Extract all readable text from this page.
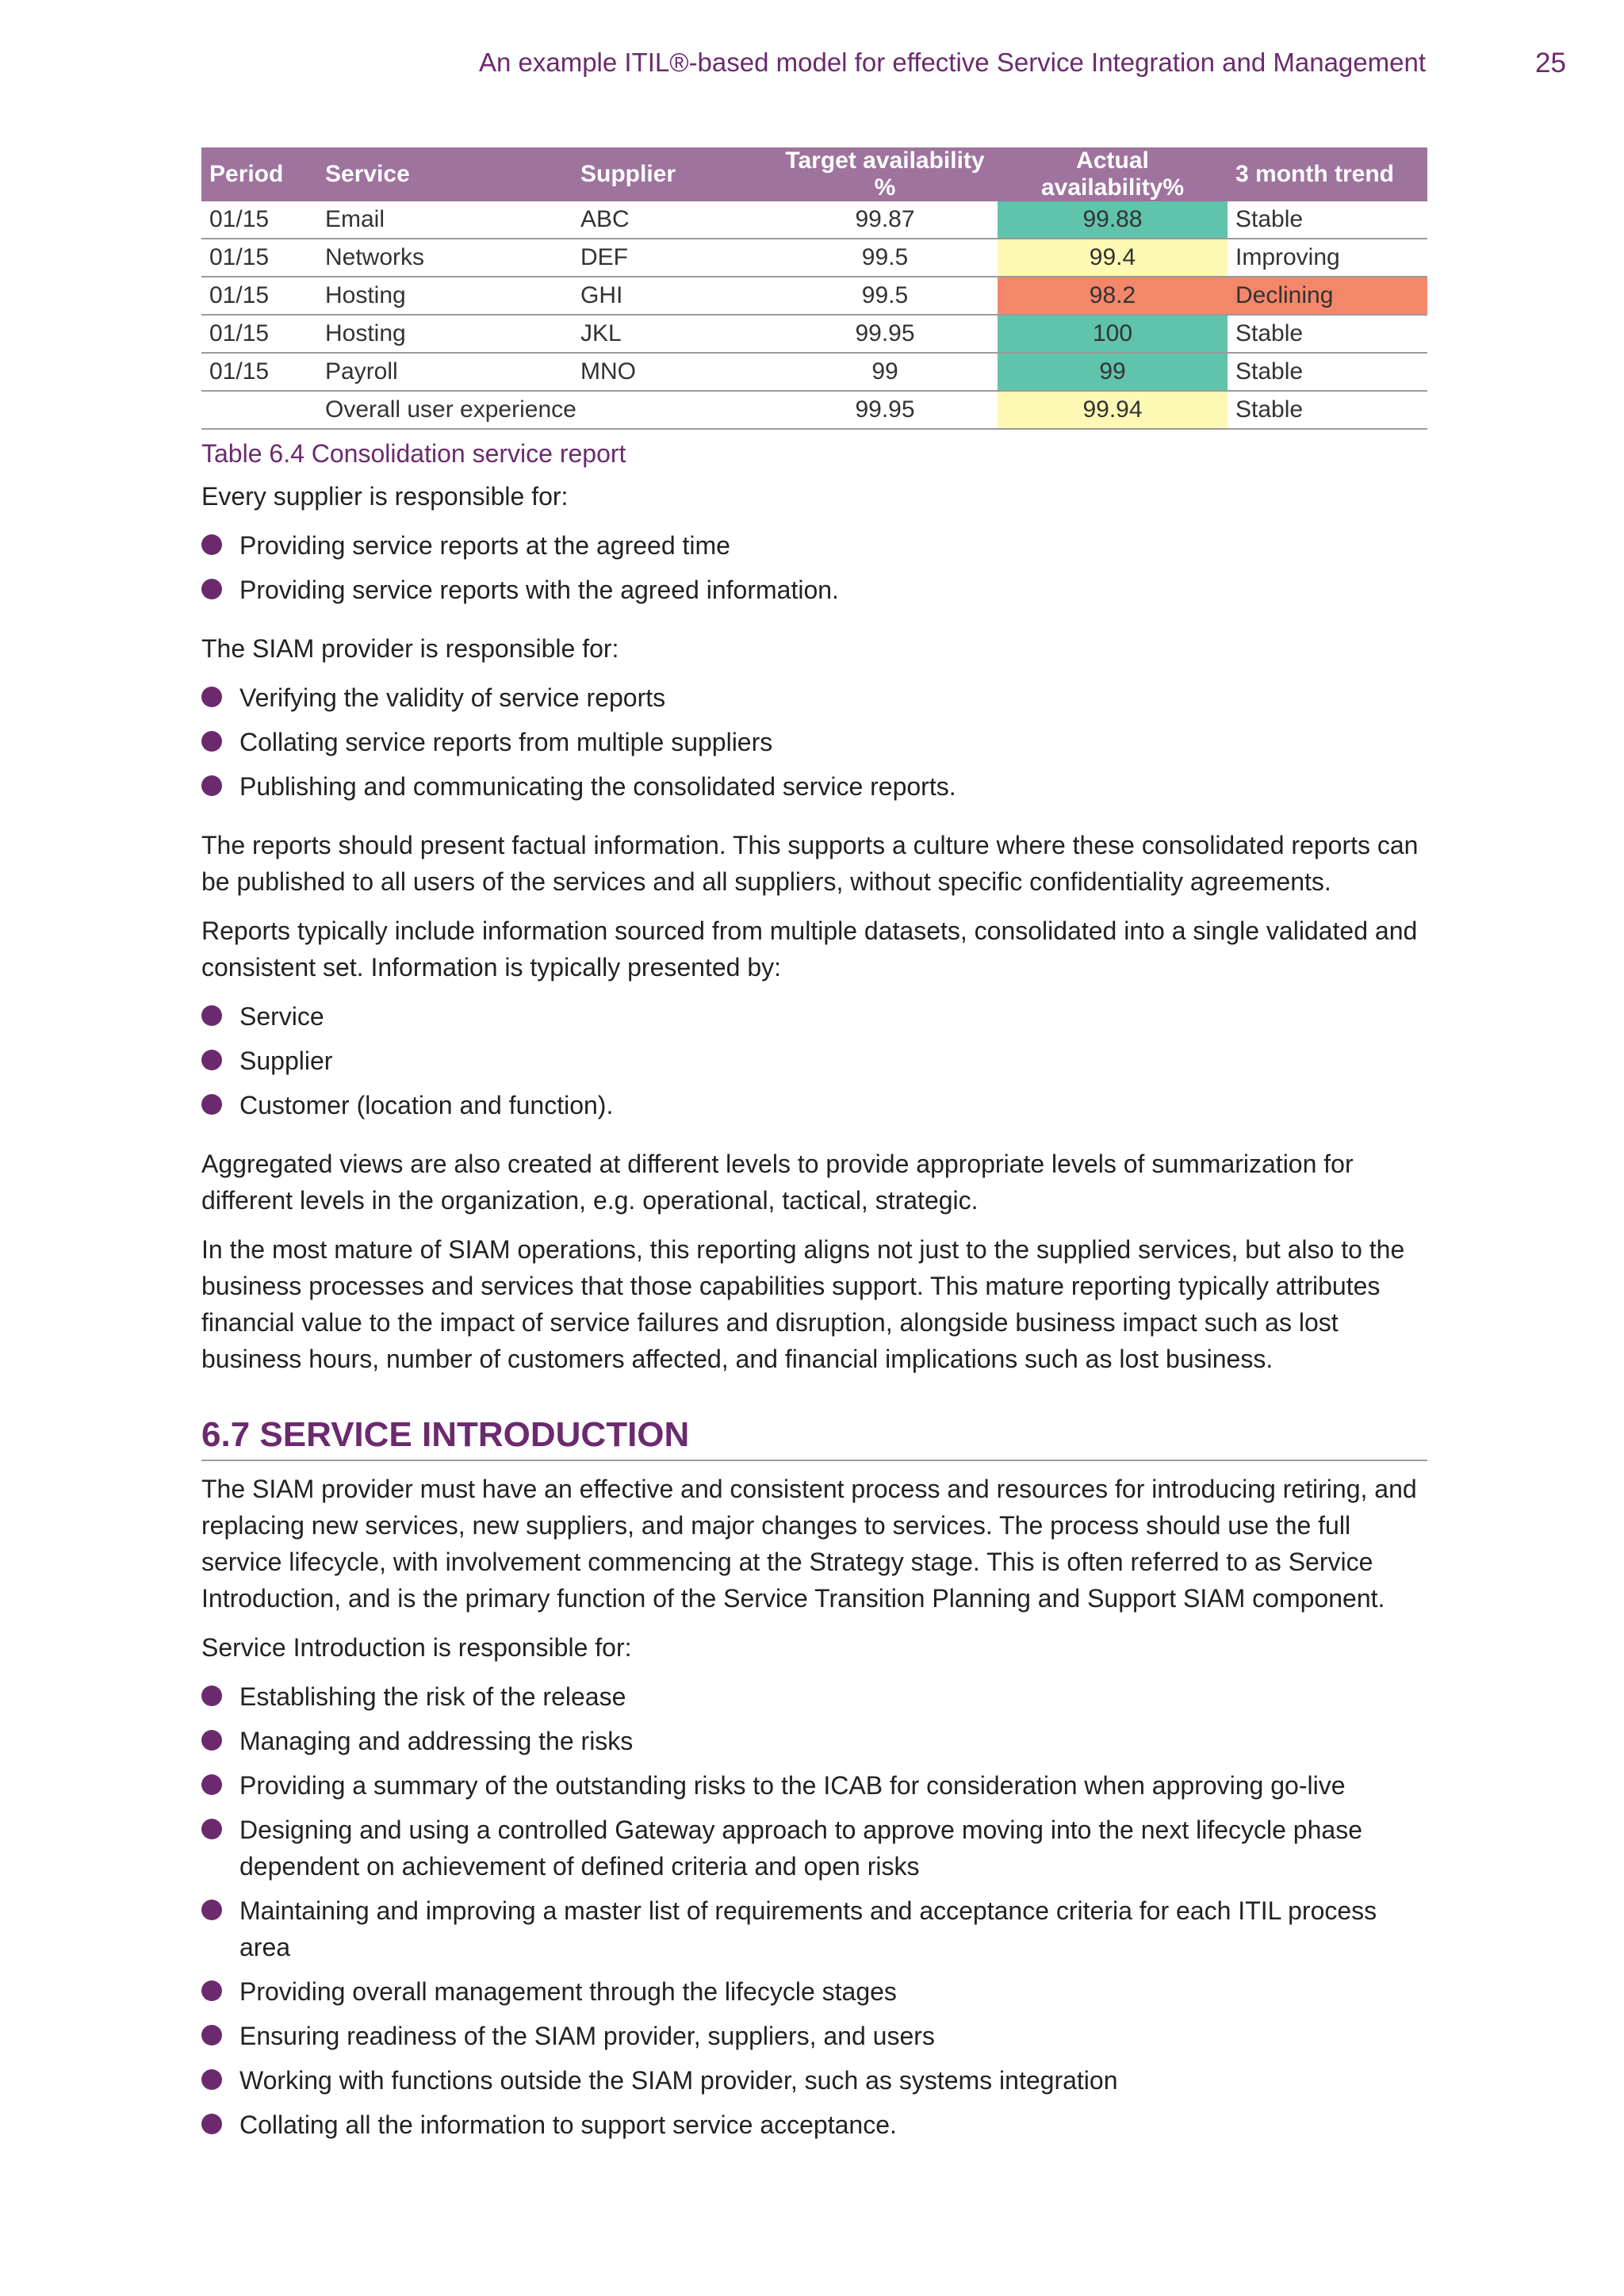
An example ITIL®-based model for effective Service Integration and Management	25
Period	Service	Supplier	Target availability %	Actual availability%	3 month trend
01/15	Email	ABC	99.87	99.88	Stable
01/15	Networks	DEF	99.5	99.4	Improving
01/15	Hosting	GHI	99.5	98.2	Declining
01/15	Hosting	JKL	99.95	100	Stable
01/15	Payroll	MNO	99	99	Stable
	Overall user experience		99.95	99.94	Stable
Table 6.4 Consolidation service report

Every supplier is responsible for:

Providing service reports at the agreed time
Providing service reports with the agreed information.

The SIAM provider is responsible for:

Verifying the validity of service reports
Collating service reports from multiple suppliers
Publishing and communicating the consolidated service reports.

The reports should present factual information. This supports a culture where these consolidated reports can be published to all users of the services and all suppliers, without specific confidentiality agreements.

Reports typically include information sourced from multiple datasets, consolidated into a single validated and consistent set. Information is typically presented by:

Service
Supplier
Customer (location and function).

Aggregated views are also created at different levels to provide appropriate levels of summarization for different levels in the organization, e.g. operational, tactical, strategic.

In the most mature of SIAM operations, this reporting aligns not just to the supplied services, but also to the business processes and services that those capabilities support. This mature reporting typically attributes financial value to the impact of service failures and disruption, alongside business impact such as lost business hours, number of customers affected, and financial implications such as lost business.

6.7 SERVICE INTRODUCTION

The SIAM provider must have an effective and consistent process and resources for introducing retiring, and replacing new services, new suppliers, and major changes to services. The process should use the full service lifecycle, with involvement commencing at the Strategy stage. This is often referred to as Service Introduction, and is the primary function of the Service Transition Planning and Support SIAM component.

Service Introduction is responsible for:

Establishing the risk of the release
Managing and addressing the risks
Providing a summary of the outstanding risks to the ICAB for consideration when approving go-live
Designing and using a controlled Gateway approach to approve moving into the next lifecycle phase dependent on achievement of defined criteria and open risks
Maintaining and improving a master list of requirements and acceptance criteria for each ITIL process area
Providing overall management through the lifecycle stages
Ensuring readiness of the SIAM provider, suppliers, and users
Working with functions outside the SIAM provider, such as systems integration
Collating all the information to support service acceptance.
